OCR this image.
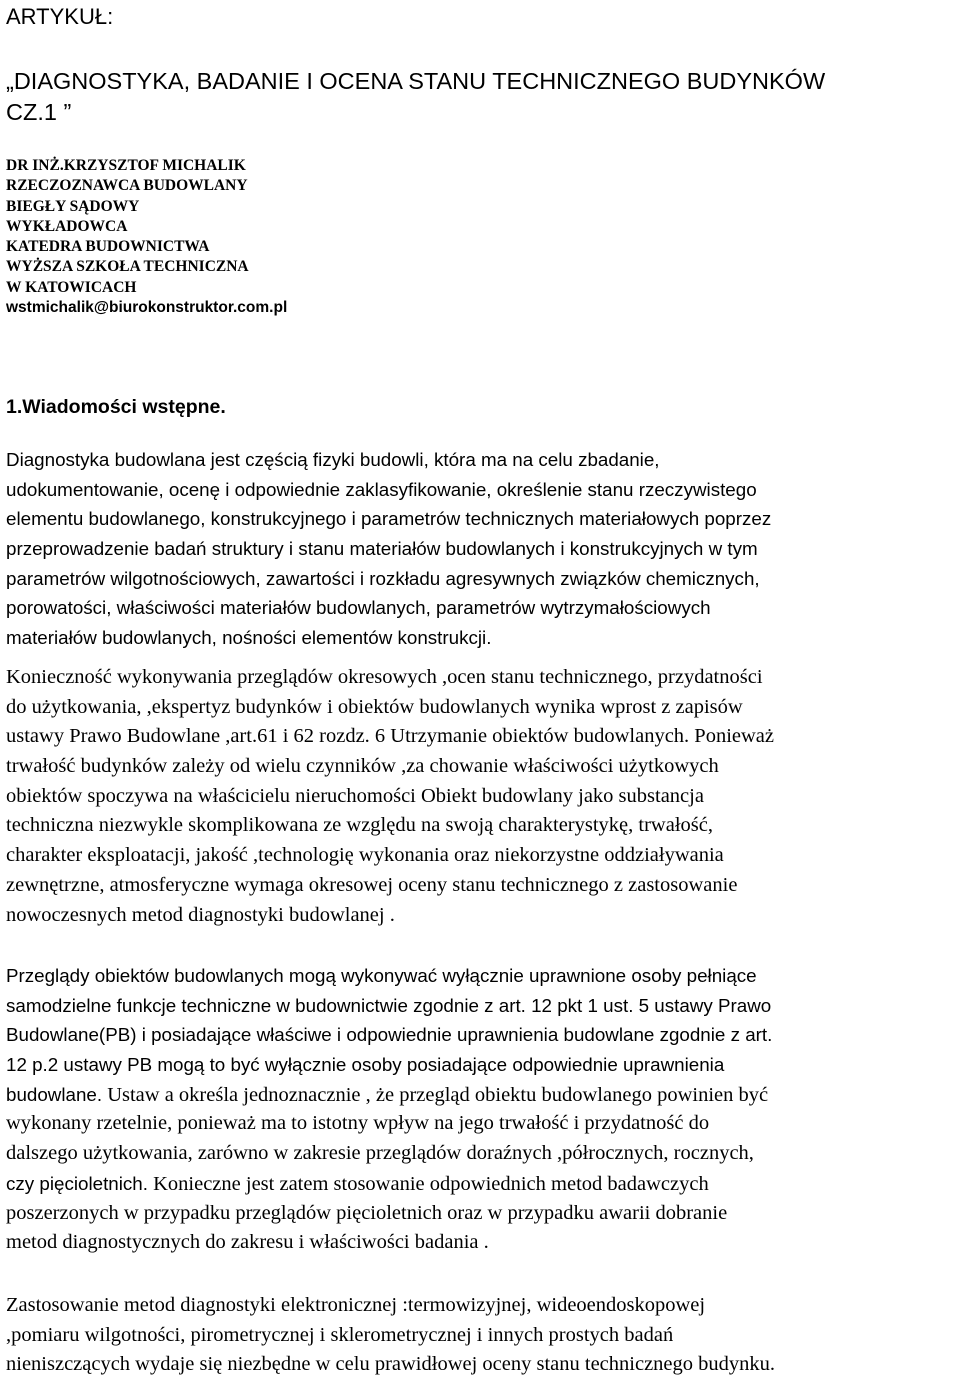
ARTYKUŁ:
„DIAGNOSTYKA, BADANIE I OCENA STANU TECHNICZNEGO BUDYNKÓW
CZ.1 ”
DR INŻ.KRZYSZTOF MICHALIK
RZECZOZNAWCA BUDOWLANY
BIEGŁY SĄDOWY
WYKŁADOWCA
KATEDRA BUDOWNICTWA
WYŻSZA SZKOŁA TECHNICZNA
W KATOWICACH
wstmichalik@biurokonstruktor.com.pl
1.Wiadomości wstępne.
Diagnostyka budowlana jest częścią fizyki budowli, która ma na celu zbadanie,
udokumentowanie, ocenę i odpowiednie zaklasyfikowanie, określenie stanu rzeczywistego
elementu budowlanego, konstrukcyjnego i parametrów technicznych materiałowych poprzez
przeprowadzenie badań struktury i stanu materiałów budowlanych i konstrukcyjnych w tym
parametrów wilgotnościowych, zawartości i rozkładu agresywnych związków chemicznych,
porowatości, właściwości materiałów budowlanych, parametrów wytrzymałościowych
materiałów budowlanych, nośności elementów konstrukcji.
Konieczność wykonywania przeglądów okresowych ,ocen stanu technicznego, przydatności
do użytkowania, ,ekspertyz budynków i obiektów budowlanych wynika wprost z zapisów
ustawy Prawo Budowlane ,art.61 i 62 rozdz. 6 Utrzymanie obiektów budowlanych. Ponieważ
trwałość budynków zależy od wielu czynników ,za chowanie właściwości użytkowych
obiektów spoczywa na właścicielu nieruchomości Obiekt budowlany jako substancja
techniczna niezwykle skomplikowana ze względu na swoją charakterystykę, trwałość,
charakter eksploatacji, jakość ,technologię wykonania oraz niekorzystne oddziaływania
zewnętrzne, atmosferyczne wymaga okresowej oceny stanu technicznego z zastosowanie
nowoczesnych metod diagnostyki budowlanej .
Przeglądy obiektów budowlanych mogą wykonywać wyłącznie uprawnione osoby pełniące
samodzielne funkcje techniczne w budownictwie zgodnie z art. 12 pkt 1 ust. 5 ustawy Prawo
Budowlane(PB) i posiadające właściwe i odpowiednie uprawnienia budowlane zgodnie z art.
12 p.2 ustawy PB mogą to być wyłącznie osoby posiadające odpowiednie uprawnienia
budowlane. Ustaw a określa jednoznacznie , że przegląd obiektu budowlanego powinien być
wykonany rzetelnie, ponieważ ma to istotny wpływ na jego trwałość i przydatność do
dalszego użytkowania, zarówno w zakresie przeglądów doraźnych ,półrocznych, rocznych,
czy pięcioletnich. Konieczne jest zatem stosowanie odpowiednich metod badawczych
poszerzonych w przypadku przeglądów pięcioletnich oraz w przypadku awarii dobranie
metod diagnostycznych do zakresu i właściwości badania .
Zastosowanie metod diagnostyki elektronicznej :termowizyjnej, wideoendoskopowej
,pomiaru wilgotności, pirometrycznej i sklerometrycznej i innych prostych badań
nieniszczących wydaje się niezbędne w celu prawidłowej oceny stanu technicznego budynku.
